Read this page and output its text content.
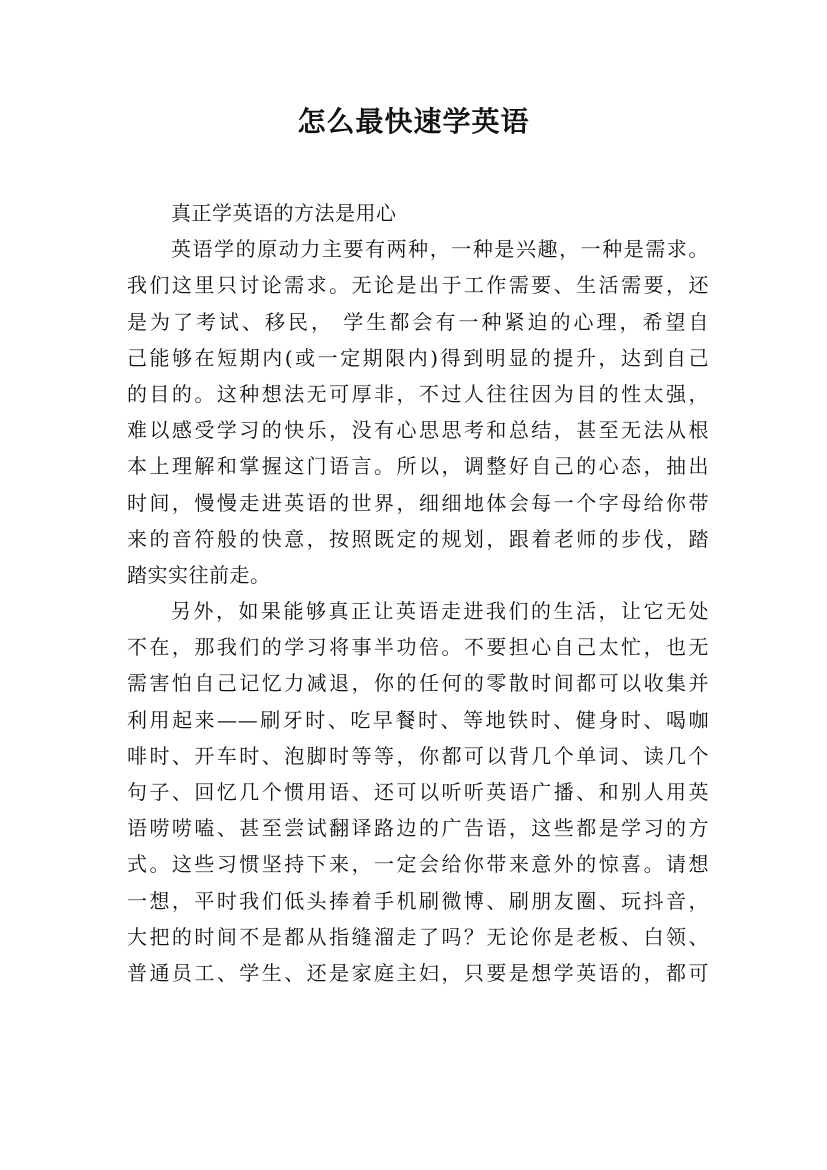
怎么最快速学英语
真正学英语的方法是用心
英语学的原动力主要有两种，一种是兴趣，一种是需求。
我们这里只讨论需求。无论是出于工作需要、生活需要，还
是为了考试、移民， 学生都会有一种紧迫的心理，希望自
己能够在短期内(或一定期限内)得到明显的提升，达到自己
的目的。这种想法无可厚非，不过人往往因为目的性太强，
难以感受学习的快乐，没有心思思考和总结，甚至无法从根
本上理解和掌握这门语言。所以，调整好自己的心态，抽出
时间，慢慢走进英语的世界，细细地体会每一个字母给你带
来的音符般的快意，按照既定的规划，跟着老师的步伐，踏
踏实实往前走。
另外，如果能够真正让英语走进我们的生活，让它无处
不在，那我们的学习将事半功倍。不要担心自己太忙，也无
需害怕自己记忆力减退，你的任何的零散时间都可以收集并
利用起来——刷牙时、吃早餐时、等地铁时、健身时、喝咖
啡时、开车时、泡脚时等等，你都可以背几个单词、读几个
句子、回忆几个惯用语、还可以听听英语广播、和别人用英
语唠唠嗑、甚至尝试翻译路边的广告语，这些都是学习的方
式。这些习惯坚持下来，一定会给你带来意外的惊喜。请想
一想，平时我们低头捧着手机刷微博、刷朋友圈、玩抖音，
大把的时间不是都从指缝溜走了吗？无论你是老板、白领、
普通员工、学生、还是家庭主妇，只要是想学英语的，都可
